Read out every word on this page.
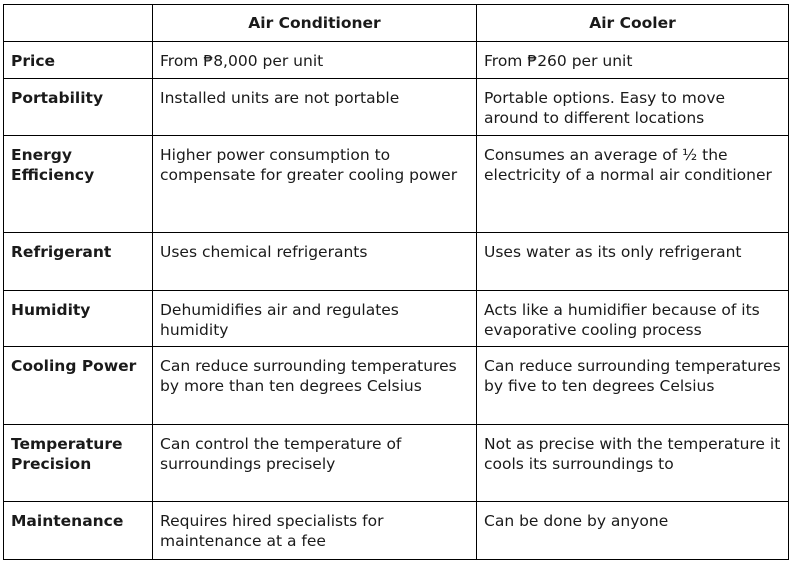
	Air Conditioner	Air Cooler
Price	From ₱8,000 per unit	From ₱260 per unit
Portability	Installed units are not portable	Portable options. Easy to move around to different locations
Energy Efficiency	Higher power consumption to compensate for greater cooling power	Consumes an average of ½ the electricity of a normal air conditioner
Refrigerant	Uses chemical refrigerants	Uses water as its only refrigerant
Humidity	Dehumidifies air and regulates humidity	Acts like a humidifier because of its evaporative cooling process
Cooling Power	Can reduce surrounding temperatures by more than ten degrees Celsius	Can reduce surrounding temperatures by five to ten degrees Celsius
Temperature Precision	Can control the temperature of surroundings precisely	Not as precise with the temperature it cools its surroundings to
Maintenance	Requires hired specialists for maintenance at a fee	Can be done by anyone
